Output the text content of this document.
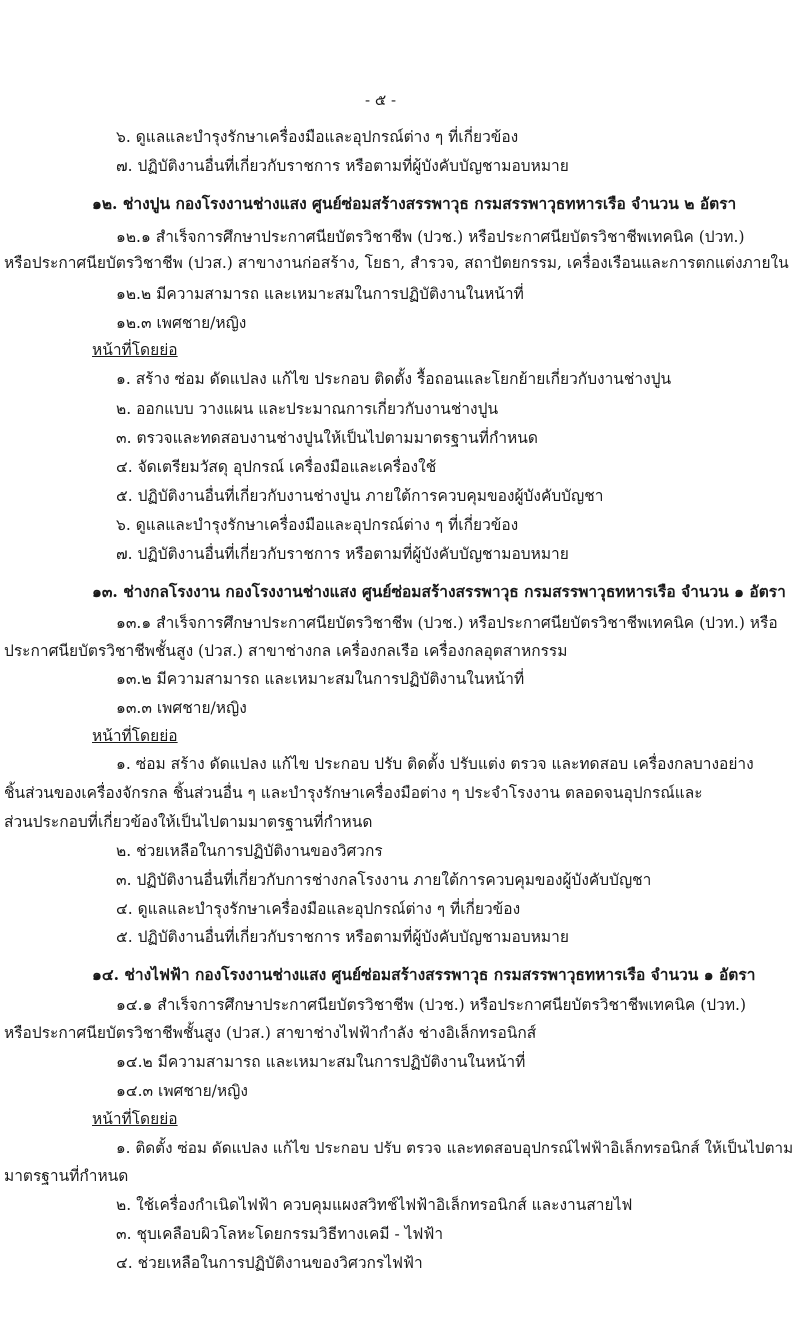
- ๕ -
๖. ดูแลและบำรุงรักษาเครื่องมือและอุปกรณ์ต่าง ๆ ที่เกี่ยวข้อง
๗. ปฏิบัติงานอื่นที่เกี่ยวกับราชการ หรือตามที่ผู้บังคับบัญชามอบหมาย
๑๒. ช่างปูน กองโรงงานช่างแสง ศูนย์ซ่อมสร้างสรรพาวุธ กรมสรรพาวุธทหารเรือ จำนวน ๒ อัตรา
๑๒.๑ สำเร็จการศึกษาประกาศนียบัตรวิชาชีพ (ปวช.) หรือประกาศนียบัตรวิชาชีพเทคนิค (ปวท.)
หรือประกาศนียบัตรวิชาชีพ (ปวส.) สาขางานก่อสร้าง, โยธา, สำรวจ, สถาปัตยกรรม, เครื่องเรือนและการตกแต่งภายใน
๑๒.๒ มีความสามารถ และเหมาะสมในการปฏิบัติงานในหน้าที่
๑๒.๓ เพศชาย/หญิง
หน้าที่โดยย่อ
๑. สร้าง ซ่อม ดัดแปลง แก้ไข ประกอบ ติดตั้ง รื้อถอนและโยกย้ายเกี่ยวกับงานช่างปูน
๒. ออกแบบ วางแผน และประมาณการเกี่ยวกับงานช่างปูน
๓. ตรวจและทดสอบงานช่างปูนให้เป็นไปตามมาตรฐานที่กำหนด
๔. จัดเตรียมวัสดุ อุปกรณ์ เครื่องมือและเครื่องใช้
๕. ปฏิบัติงานอื่นที่เกี่ยวกับงานช่างปูน ภายใต้การควบคุมของผู้บังคับบัญชา
๖. ดูแลและบำรุงรักษาเครื่องมือและอุปกรณ์ต่าง ๆ ที่เกี่ยวข้อง
๗. ปฏิบัติงานอื่นที่เกี่ยวกับราชการ หรือตามที่ผู้บังคับบัญชามอบหมาย
๑๓. ช่างกลโรงงาน กองโรงงานช่างแสง ศูนย์ซ่อมสร้างสรรพาวุธ กรมสรรพาวุธทหารเรือ จำนวน ๑ อัตรา
๑๓.๑ สำเร็จการศึกษาประกาศนียบัตรวิชาชีพ (ปวช.) หรือประกาศนียบัตรวิชาชีพเทคนิค (ปวท.) หรือ
ประกาศนียบัตรวิชาชีพชั้นสูง (ปวส.) สาขาช่างกล เครื่องกลเรือ เครื่องกลอุตสาหกรรม
๑๓.๒ มีความสามารถ และเหมาะสมในการปฏิบัติงานในหน้าที่
๑๓.๓ เพศชาย/หญิง
หน้าที่โดยย่อ
๑. ซ่อม สร้าง ดัดแปลง แก้ไข ประกอบ ปรับ ติดตั้ง ปรับแต่ง ตรวจ และทดสอบ เครื่องกลบางอย่าง
ชิ้นส่วนของเครื่องจักรกล ชิ้นส่วนอื่น ๆ และบำรุงรักษาเครื่องมือต่าง ๆ ประจำโรงงาน ตลอดจนอุปกรณ์และ
ส่วนประกอบที่เกี่ยวข้องให้เป็นไปตามมาตรฐานที่กำหนด
๒. ช่วยเหลือในการปฏิบัติงานของวิศวกร
๓. ปฏิบัติงานอื่นที่เกี่ยวกับการช่างกลโรงงาน ภายใต้การควบคุมของผู้บังคับบัญชา
๔. ดูแลและบำรุงรักษาเครื่องมือและอุปกรณ์ต่าง ๆ ที่เกี่ยวข้อง
๕. ปฏิบัติงานอื่นที่เกี่ยวกับราชการ หรือตามที่ผู้บังคับบัญชามอบหมาย
๑๔. ช่างไฟฟ้า กองโรงงานช่างแสง ศูนย์ซ่อมสร้างสรรพาวุธ กรมสรรพาวุธทหารเรือ จำนวน ๑ อัตรา
๑๔.๑ สำเร็จการศึกษาประกาศนียบัตรวิชาชีพ (ปวช.) หรือประกาศนียบัตรวิชาชีพเทคนิค (ปวท.)
หรือประกาศนียบัตรวิชาชีพชั้นสูง (ปวส.) สาขาช่างไฟฟ้ากำลัง ช่างอิเล็กทรอนิกส์
๑๔.๒ มีความสามารถ และเหมาะสมในการปฏิบัติงานในหน้าที่
๑๔.๓ เพศชาย/หญิง
หน้าที่โดยย่อ
๑. ติดตั้ง ซ่อม ดัดแปลง แก้ไข ประกอบ ปรับ ตรวจ และทดสอบอุปกรณ์ไฟฟ้าอิเล็กทรอนิกส์ ให้เป็นไปตาม
มาตรฐานที่กำหนด
๒. ใช้เครื่องกำเนิดไฟฟ้า ควบคุมแผงสวิทช์ไฟฟ้าอิเล็กทรอนิกส์ และงานสายไฟ
๓. ชุบเคลือบผิวโลหะโดยกรรมวิธีทางเคมี - ไฟฟ้า
๔. ช่วยเหลือในการปฏิบัติงานของวิศวกรไฟฟ้า
